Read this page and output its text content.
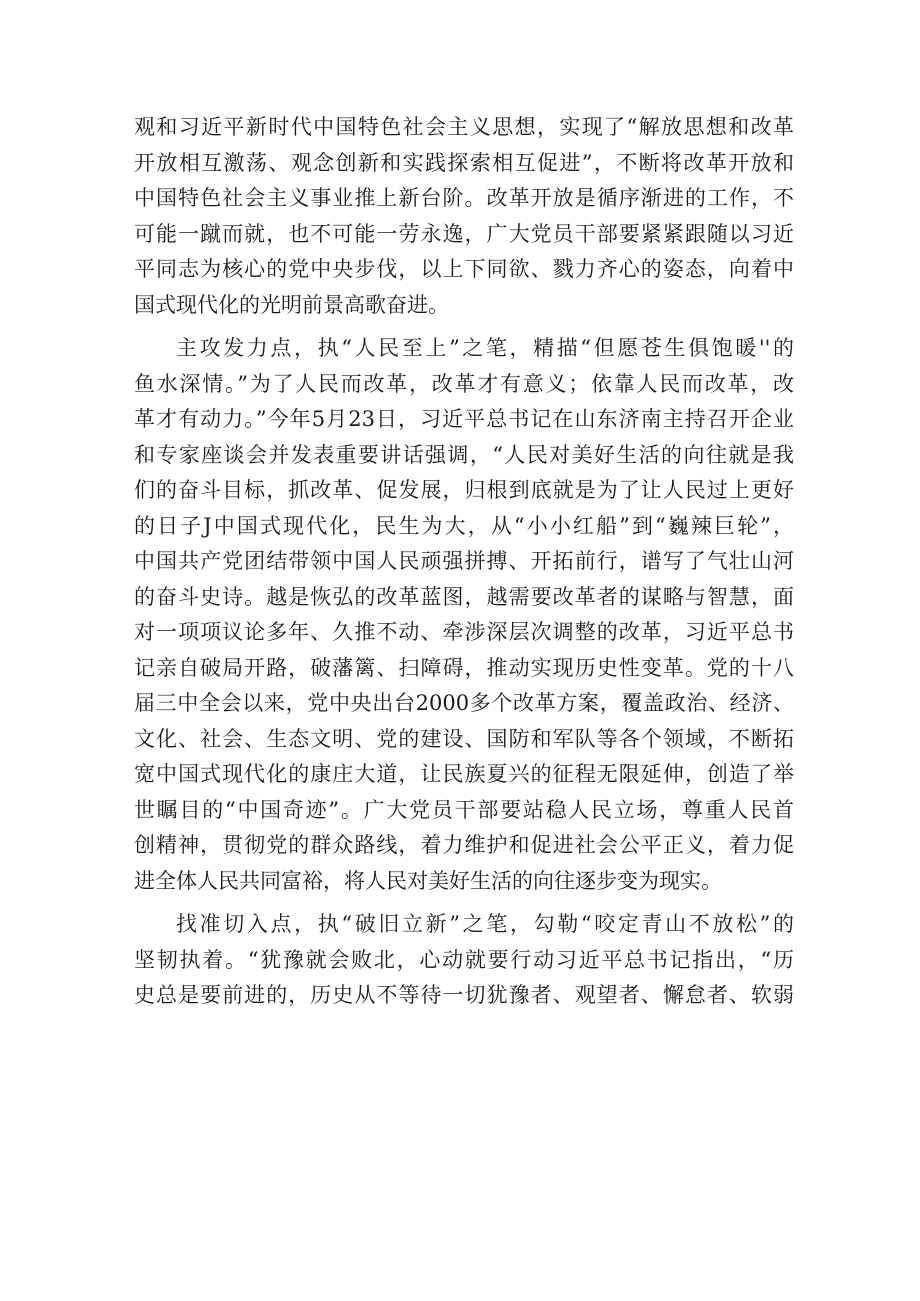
观和习近平新时代中国特色社会主义思想，实现了“解放思想和改革
开放相互激荡、观念创新和实践探索相互促进”，不断将改革开放和
中国特色社会主义事业推上新台阶。改革开放是循序渐进的工作，不
可能一蹴而就，也不可能一劳永逸，广大党员干部要紧紧跟随以习近
平同志为核心的党中央步伐，以上下同欲、戮力齐心的姿态，向着中
国式现代化的光明前景高歌奋进。
主攻发力点，执“人民至上”之笔，精描“但愿苍生俱饱暖''的
鱼水深情。”为了人民而改革，改革才有意义；依靠人民而改革，改
革才有动力。”今年5月23日，习近平总书记在山东济南主持召开企业
和专家座谈会并发表重要讲话强调，“人民对美好生活的向往就是我
们的奋斗目标，抓改革、促发展，归根到底就是为了让人民过上更好
的日子J中国式现代化，民生为大，从“小小红船”到“巍辣巨轮”，
中国共产党团结带领中国人民顽强拼搏、开拓前行，谱写了气壮山河
的奋斗史诗。越是恢弘的改革蓝图，越需要改革者的谋略与智慧，面
对一项项议论多年、久推不动、牵涉深层次调整的改革，习近平总书
记亲自破局开路，破藩篱、扫障碍，推动实现历史性变革。党的十八
届三中全会以来，党中央出台2000多个改革方案，覆盖政治、经济、
文化、社会、生态文明、党的建设、国防和军队等各个领域，不断拓
宽中国式现代化的康庄大道，让民族夏兴的征程无限延伸，创造了举
世瞩目的“中国奇迹”。广大党员干部要站稳人民立场，尊重人民首
创精神，贯彻党的群众路线，着力维护和促进社会公平正义，着力促
进全体人民共同富裕，将人民对美好生活的向往逐步变为现实。
找准切入点，执“破旧立新”之笔，勾勒“咬定青山不放松”的
坚韧执着。“犹豫就会败北，心动就要行动习近平总书记指出，“历
史总是要前进的，历史从不等待一切犹豫者、观望者、懈怠者、软弱
